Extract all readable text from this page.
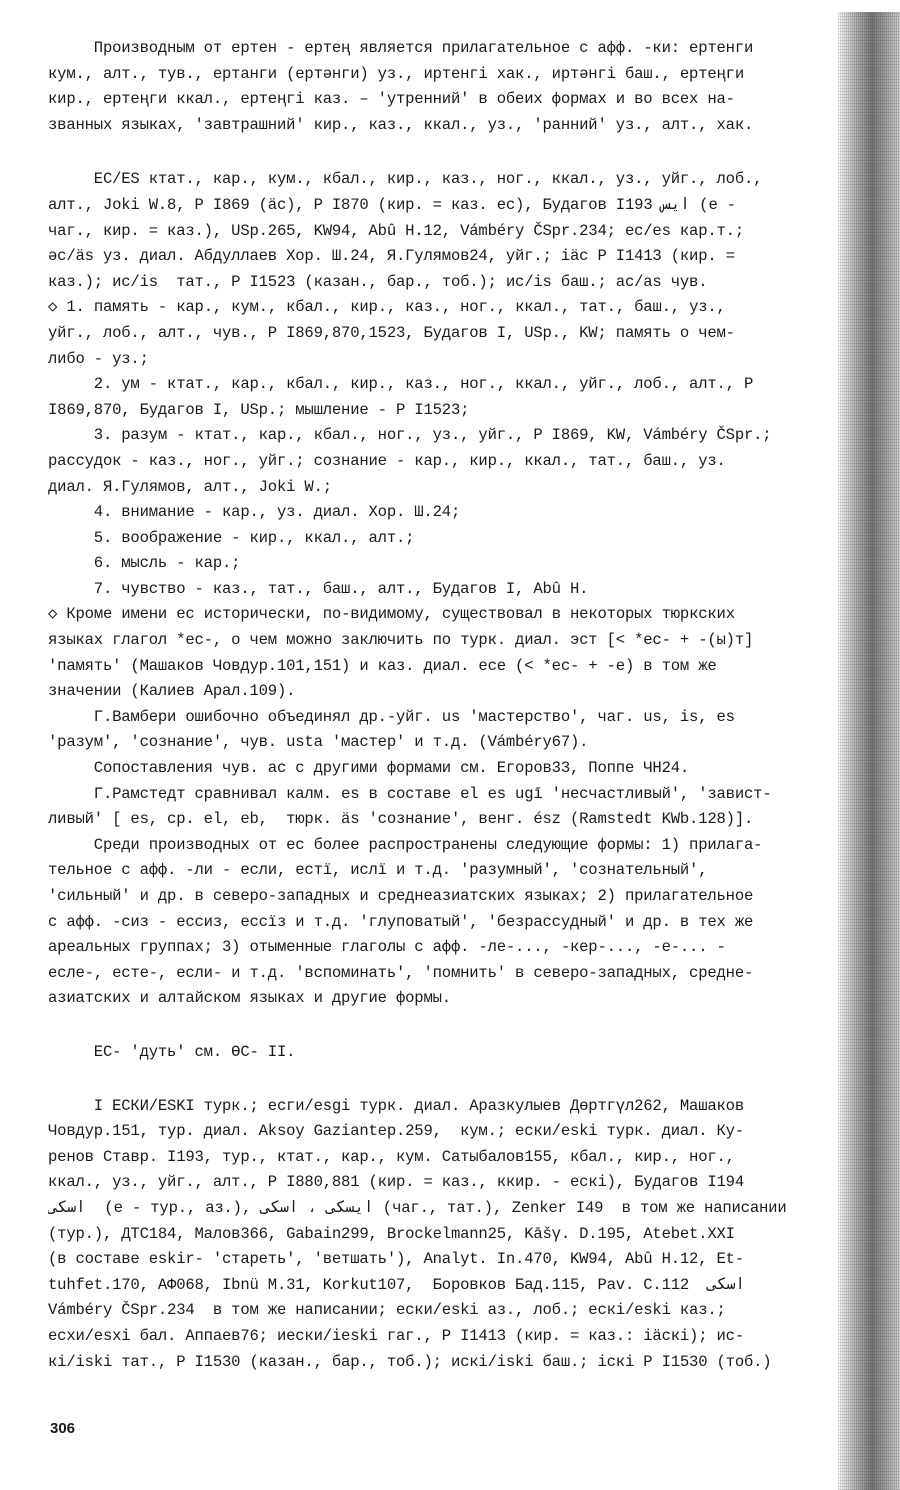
Производным от ертен - ертең является прилагательное с афф. -ки: ертенги
кум., алт., тув., ертанги (ертәнги) уз., иртенгі хак., иртәнгі баш., ертеңги
кир., ертеңги ккал., ертеңгі каз. – 'утренний' в обеих формах и во всех на-
званных языках, 'завтрашний' кир., каз., ккал., уз., 'ранний' уз., алт., хак.
ЕС/ES ктат., кар., кум., кбал., кир., каз., ног., ккал., уз., уйг., лоб.,
алт., Joki W.8, P I869 (äс), P I870 (кир. = каз. ес), Будагов I193 ايس (е -
чаг., кир. = каз.), USp.265, KW94, Abû H.12, Vámbéry ČSpr.234; ес/es кар.т.;
әс/äs уз. диал. Абдуллаев Хор. Ш.24, Я.Гулямов24, уйг.; іäс P I1413 (кир. =
каз.); ис/is  тат., P I1523 (казан., бар., тоб.); ис/is баш.; ас/as чув.
◇ 1. память - кар., кум., кбал., кир., каз., ног., ккал., тат., баш., уз.,
уйг., лоб., алт., чув., P I869,870,1523, Будагов I, USp., KW; память о чем-
либо - уз.;
2. ум - ктат., кар., кбал., кир., каз., ног., ккал., уйг., лоб., алт., P
I869,870, Будагов I, USp.; мышление - P I1523;
3. разум - ктат., кар., кбал., ног., уз., уйг., P I869, KW, Vámbéry ČSpr.;
рассудок - каз., ног., уйг.; сознание - кар., кир., ккал., тат., баш., уз.
диал. Я.Гулямов, алт., Joki W.;
4. внимание - кар., уз. диал. Хор. Ш.24;
5. воображение - кир., ккал., алт.;
6. мысль - кар.;
7. чувство - каз., тат., баш., алт., Будагов I, Abû H.
◇ Кроме имени ес исторически, по-видимому, существовал в некоторых тюркских
языках глагол *ес-, о чем можно заключить по турк. диал. эст [< *ес- + -(ы)т]
'память' (Машаков Човдур.101,151) и каз. диал. есе (< *ес- + -е) в том же
значении (Калиев Арал.109).
Г.Вамбери ошибочно объединял др.-уйг. us 'мастерство', чаг. us, is, es
'разум', 'сознание', чув. usta 'мастер' и т.д. (Vámbéry67).
Сопоставления чув. ас с другими формами см. Егоров33, Поппе ЧН24.
Г.Рамстедт сравнивал калм. es в составе el es ugī 'несчастливый', 'завист-
ливый' [ es, ср. el, eb,  тюрк. äs 'сознание', венг. ész (Ramstedt KWb.128)].
Среди производных от ес более распространены следующие формы: 1) прилага-
тельное с афф. -ли - если, естї, ислї и т.д. 'разумный', 'сознательный',
'сильный' и др. в северо-западных и среднеазиатских языках; 2) прилагательное
с афф. -сиз - ессиз, ессїз и т.д. 'глуповатый', 'безрассудный' и др. в тех же
ареальных группах; 3) отыменные глаголы с афф. -ле-..., -кер-..., -е-... -
есле-, есте-, если- и т.д. 'вспоминать', 'помнить' в северо-западных, средне-
азиатских и алтайском языках и другие формы.
ЕС- 'дуть' см. ӨС- II.
I ЕСКИ/ESKI турк.; есги/esgi турк. диал. Аразкулыев Дөртгүл262, Машаков
Човдур.151, тур. диал. Aksoy Gaziantep.259,  кум.; ески/eski турк. диал. Ку-
ренов Ставр. I193, тур., ктат., кар., кум. Сатыбалов155, кбал., кир., ног.,
ккал., уз., уйг., алт., P I880,881 (кир. = каз., ккир. - ескі), Будагов I194
اسکی  (е - тур., аз.), ايسکی ، اسکی (чаг., тат.), Zenker I49  в том же написании
(тур.), ДТС184, Малов366, Gabain299, Brockelmann25, Kāšγ. D.195, Atebet.XXI
(в составе eskir- 'стареть', 'ветшать'), Analyt. In.470, KW94, Abû H.12, Et-
tuhfet.170, АФ068, Ibnü M.31, Korkut107,  Боровков Бад.115, Pav. C.112  اسکی
Vámbéry ČSpr.234  в том же написании; ески/eski аз., лоб.; ескі/eskі каз.;
есхи/esxi бал. Аппаев76; иески/ieski гаг., P I1413 (кир. = каз.: іäскі); ис-
кі/іskі тат., P I1530 (казан., бар., тоб.); искі/іskі баш.; іскі P I1530 (тоб.)
306
